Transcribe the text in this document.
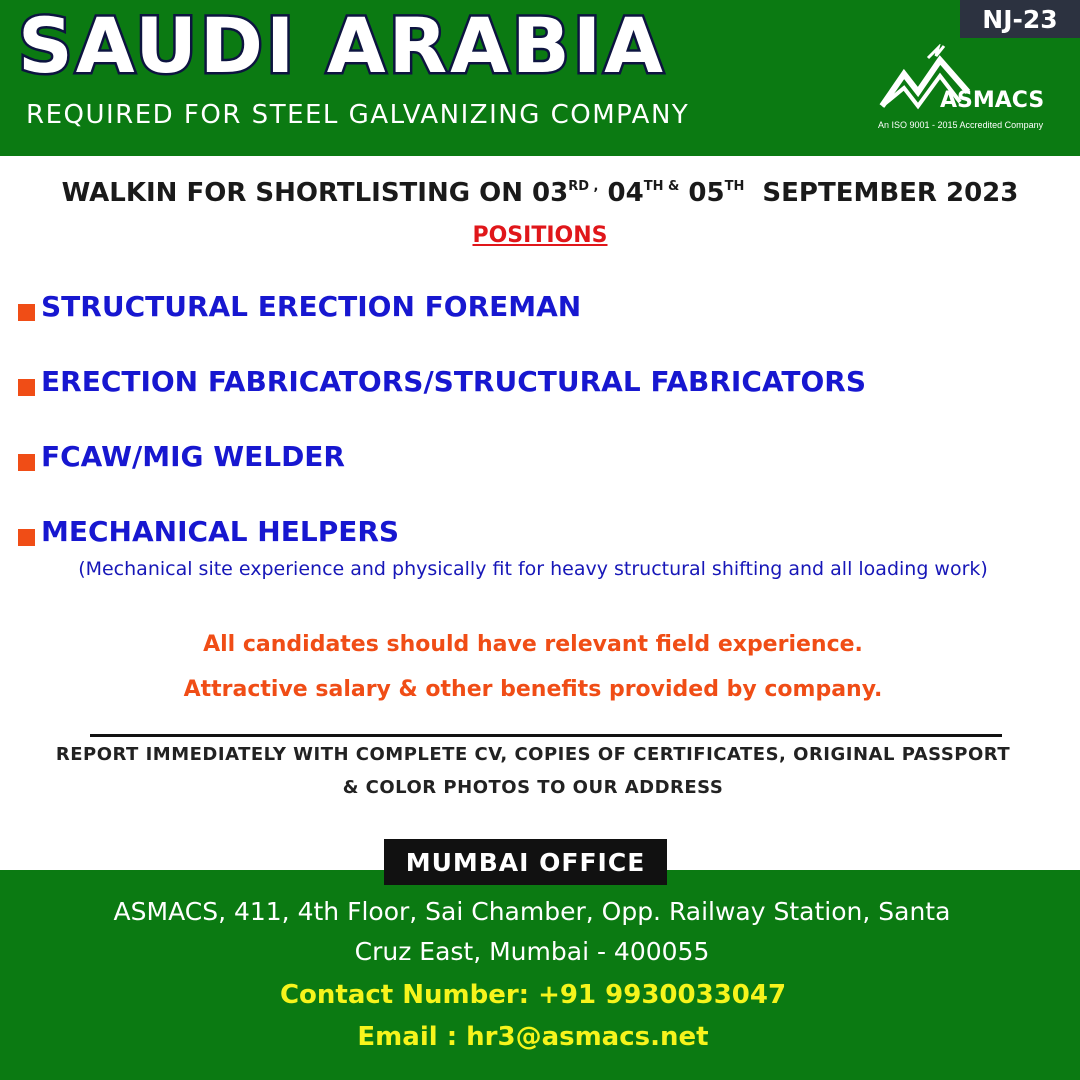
SAUDI ARABIA
REQUIRED FOR STEEL GALVANIZING COMPANY
NJ-23
ASMACS
An ISO 9001 - 2015 Accredited Company
WALKIN FOR SHORTLISTING ON $03^{RD ,}$ $04^{TH \&}$ 05TH  SEPTEMBER 2023
POSITIONS
STRUCTURAL ERECTION FOREMAN
ERECTION FABRICATORS/STRUCTURAL FABRICATORS
FCAW/MIG WELDER
MECHANICAL HELPERS
(Mechanical site experience and physically fit for heavy structural shifting and all loading work)
All candidates should have relevant field experience.
Attractive salary & other benefits provided by company.
REPORT IMMEDIATELY WITH COMPLETE CV, COPIES OF CERTIFICATES, ORIGINAL PASSPORT
& COLOR PHOTOS TO OUR ADDRESS
MUMBAI OFFICE
ASMACS, 411, 4th Floor, Sai Chamber, Opp. Railway Station, Santa
Cruz East, Mumbai - 400055
Contact Number: +91 9930033047
Email : hr3@asmacs.net
